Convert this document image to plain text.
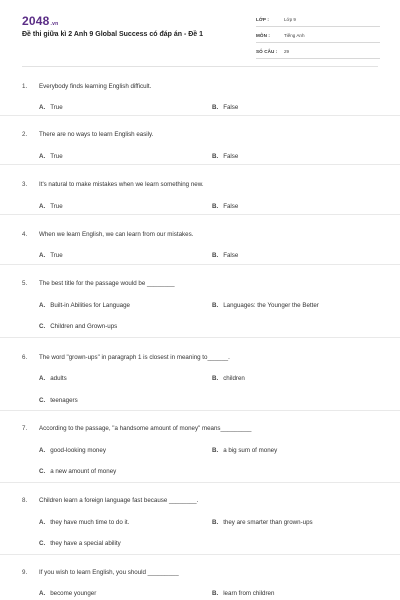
2048.vn
Đề thi giữa kì 2 Anh 9 Global Success có đáp án - Đề 1
LỚP :	Lớp 9
MÔN :	Tiếng Anh
SỐ CÂU : 29
1. Everybody finds learning English difficult.
A. True	B. False
2. There are no ways to learn English easily.
A. True	B. False
3. It's natural to make mistakes when we learn something new.
A. True	B. False
4. When we learn English, we can learn from our mistakes.
A. True	B. False
5. The best title for the passage would be ________
A. Built-in Abilities for Language	B. Languages: the Younger the Better
C. Children and Grown-ups
6. The word "grown-ups" in paragraph 1 is closest in meaning to______.
A. adults	B. children
C. teenagers
7. According to the passage, "a handsome amount of money" means_________
A. good-looking money	B. a big sum of money
C. a new amount of money
8. Children learn a foreign language fast because ________.
A. they have much time to do it.	B. they are smarter than grown-ups
C. they have a special ability
9. If you wish to learn English, you should _________
A. become younger	B. learn from children
